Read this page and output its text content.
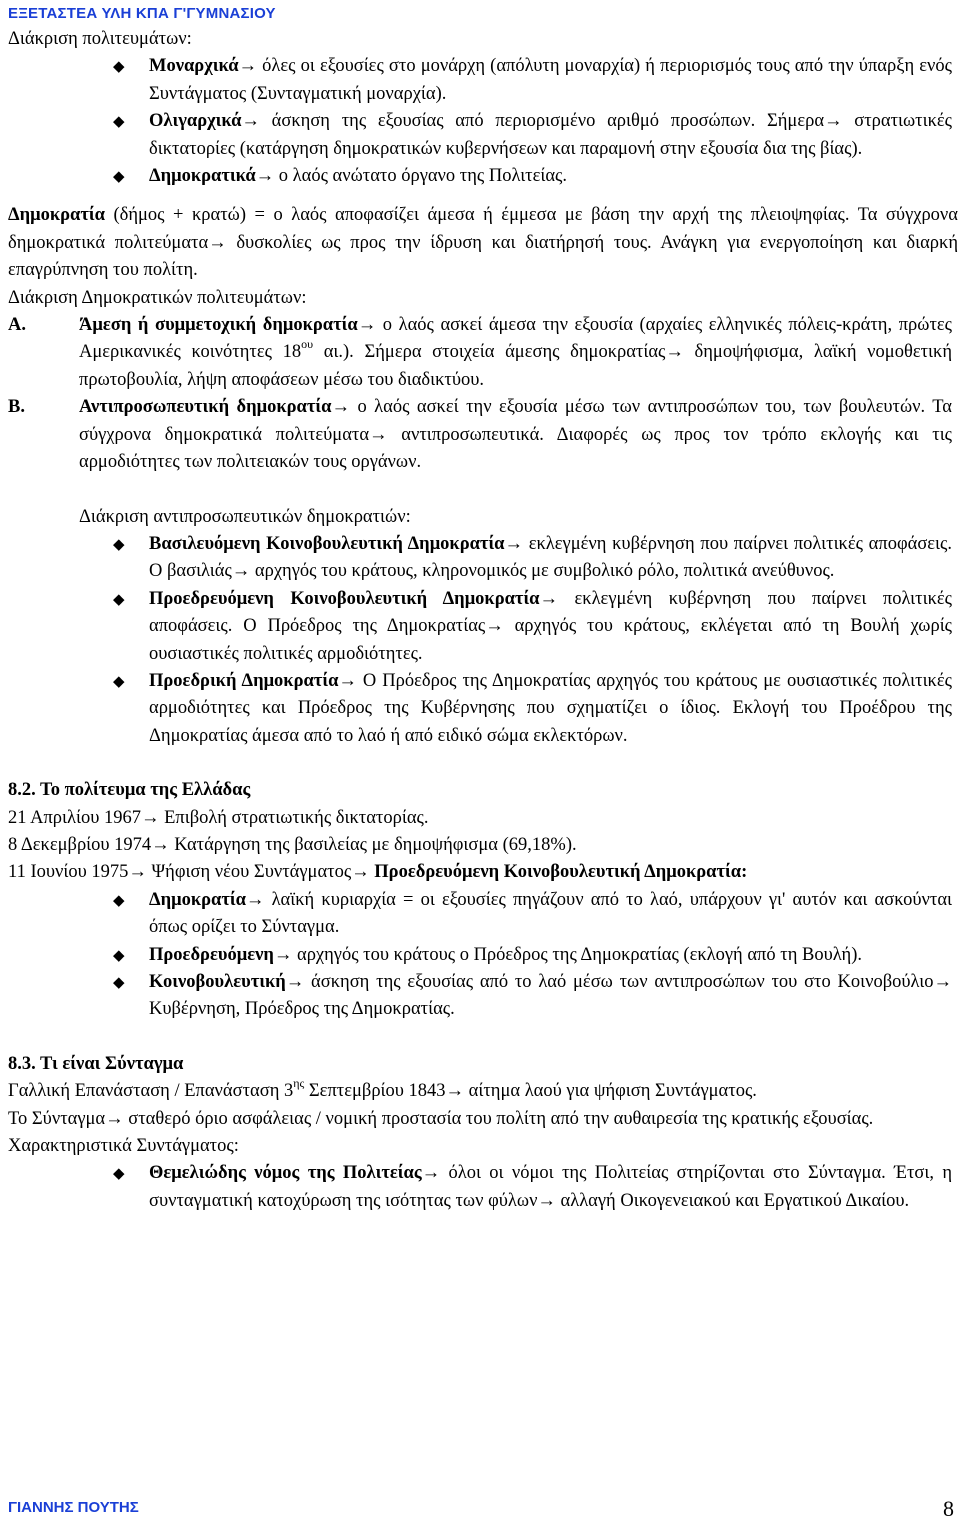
ΕΞΕΤΑΣΤΕΑ ΥΛΗ ΚΠΑ Γ'ΓΥΜΝΑΣΙΟΥ

Διάκριση πολιτευμάτων:

◆ Μοναρχικά→ όλες οι εξουσίες στο μονάρχη (απόλυτη μοναρχία) ή περιορισμός τους από την ύπαρξη ενός Συντάγματος (Συνταγματική μοναρχία).
◆ Ολιγαρχικά→ άσκηση της εξουσίας από περιορισμένο αριθμό προσώπων. Σήμερα→ στρατιωτικές δικτατορίες (κατάργηση δημοκρατικών κυβερνήσεων και παραμονή στην εξουσία δια της βίας).
◆ Δημοκρατικά→ ο λαός ανώτατο όργανο της Πολιτείας.

Δημοκρατία (δήμος + κρατώ) = ο λαός αποφασίζει άμεσα ή έμμεσα με βάση την αρχή της πλειοψηφίας. Τα σύγχρονα δημοκρατικά πολιτεύματα→ δυσκολίες ως προς την ίδρυση και διατήρησή τους. Ανάγκη για ενεργοποίηση και διαρκή επαγρύπνηση του πολίτη.

Διάκριση Δημοκρατικών πολιτευμάτων:

Α.	Άμεση ή συμμετοχική δημοκρατία→ ο λαός ασκεί άμεσα την εξουσία (αρχαίες ελληνικές πόλεις-κράτη, πρώτες Αμερικανικές κοινότητες $18^{o\upsilon}$ αι.). Σήμερα στοιχεία άμεσης δημοκρατίας→ δημοψήφισμα, λαϊκή νομοθετική πρωτοβουλία, λήψη αποφάσεων μέσω του διαδικτύου.
Β.	Αντιπροσωπευτική δημοκρατία→ ο λαός ασκεί την εξουσία μέσω των αντιπροσώπων του, των βουλευτών. Τα σύγχρονα δημοκρατικά πολιτεύματα→ αντιπροσωπευτικά. Διαφορές ως προς τον τρόπο εκλογής και τις αρμοδιότητες των πολιτειακών τους οργάνων.

Διάκριση αντιπροσωπευτικών δημοκρατιών:

◆ Βασιλευόμενη Κοινοβουλευτική Δημοκρατία→ εκλεγμένη κυβέρνηση που παίρνει πολιτικές αποφάσεις. Ο βασιλιάς→ αρχηγός του κράτους, κληρονομικός με συμβολικό ρόλο, πολιτικά ανεύθυνος.
◆ Προεδρευόμενη Κοινοβουλευτική Δημοκρατία→ εκλεγμένη κυβέρνηση που παίρνει πολιτικές αποφάσεις. Ο Πρόεδρος της Δημοκρατίας→ αρχηγός του κράτους, εκλέγεται από τη Βουλή χωρίς ουσιαστικές πολιτικές αρμοδιότητες.
◆ Προεδρική Δημοκρατία→ Ο Πρόεδρος της Δημοκρατίας αρχηγός του κράτους με ουσιαστικές πολιτικές αρμοδιότητες και Πρόεδρος της Κυβέρνησης που σχηματίζει ο ίδιος. Εκλογή του Προέδρου της Δημοκρατίας άμεσα από το λαό ή από ειδικό σώμα εκλεκτόρων.

8.2. Το πολίτευμα της Ελλάδας

21 Απριλίου 1967→ Επιβολή στρατιωτικής δικτατορίας.

8 Δεκεμβρίου 1974→ Κατάργηση της βασιλείας με δημοψήφισμα (69,18%).

11 Ιουνίου 1975→ Ψήφιση νέου Συντάγματος→ Προεδρευόμενη Κοινοβουλευτική Δημοκρατία:

◆ Δημοκρατία→ λαϊκή κυριαρχία = οι εξουσίες πηγάζουν από το λαό, υπάρχουν γι' αυτόν και ασκούνται όπως ορίζει το Σύνταγμα.
◆ Προεδρευόμενη→ αρχηγός του κράτους ο Πρόεδρος της Δημοκρατίας (εκλογή από τη Βουλή).
◆ Κοινοβουλευτική→ άσκηση της εξουσίας από το λαό μέσω των αντιπροσώπων του στο Κοινοβούλιο→ Κυβέρνηση, Πρόεδρος της Δημοκρατίας.

8.3. Τι είναι Σύνταγμα

Γαλλική Επανάσταση / Επανάσταση $3^{\eta\varsigma}$ Σεπτεμβρίου 1843→ αίτημα λαού για ψήφιση Συντάγματος.

Το Σύνταγμα→ σταθερό όριο ασφάλειας / νομική προστασία του πολίτη από την αυθαιρεσία της κρατικής εξουσίας.

Χαρακτηριστικά Συντάγματος:

◆ Θεμελιώδης νόμος της Πολιτείας→ όλοι οι νόμοι της Πολιτείας στηρίζονται στο Σύνταγμα. Έτσι, η συνταγματική κατοχύρωση της ισότητας των φύλων→ αλλαγή Οικογενειακού και Εργατικού Δικαίου.
ΓΙΑΝΝΗΣ ΠΟΥΤΗΣ	8
